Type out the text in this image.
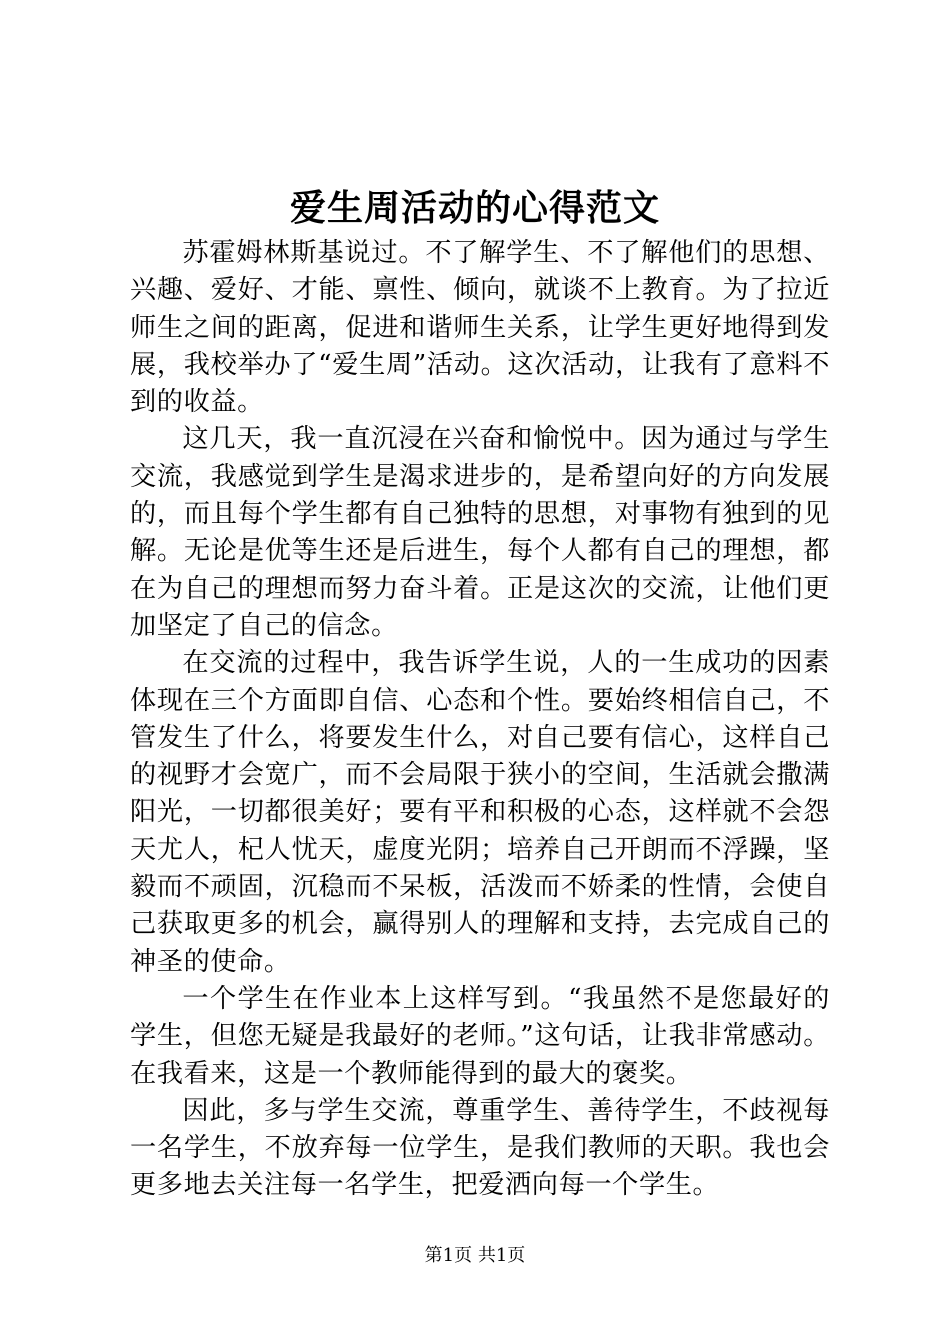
爱生周活动的心得范文

苏霍姆林斯基说过。不了解学生、不了解他们的思想、兴趣、爱好、才能、禀性、倾向，就谈不上教育。为了拉近师生之间的距离，促进和谐师生关系，让学生更好地得到发展，我校举办了“爱生周”活动。这次活动，让我有了意料不到的收益。

这几天，我一直沉浸在兴奋和愉悦中。因为通过与学生交流，我感觉到学生是渴求进步的，是希望向好的方向发展的，而且每个学生都有自己独特的思想，对事物有独到的见解。无论是优等生还是后进生，每个人都有自己的理想，都在为自己的理想而努力奋斗着。正是这次的交流，让他们更加坚定了自己的信念。

在交流的过程中，我告诉学生说，人的一生成功的因素体现在三个方面即自信、心态和个性。要始终相信自己，不管发生了什么，将要发生什么，对自己要有信心，这样自己的视野才会宽广，而不会局限于狭小的空间，生活就会撒满阳光，一切都很美好；要有平和积极的心态，这样就不会怨天尤人，杞人忧天，虚度光阴；培养自己开朗而不浮躁，坚毅而不顽固，沉稳而不呆板，活泼而不娇柔的性情，会使自己获取更多的机会，赢得别人的理解和支持，去完成自己的神圣的使命。

一个学生在作业本上这样写到。“我虽然不是您最好的学生，但您无疑是我最好的老师。”这句话，让我非常感动。在我看来，这是一个教师能得到的最大的褒奖。

因此，多与学生交流，尊重学生、善待学生，不歧视每一名学生，不放弃每一位学生，是我们教师的天职。我也会更多地去关注每一名学生，把爱洒向每一个学生。

第1页 共1页
